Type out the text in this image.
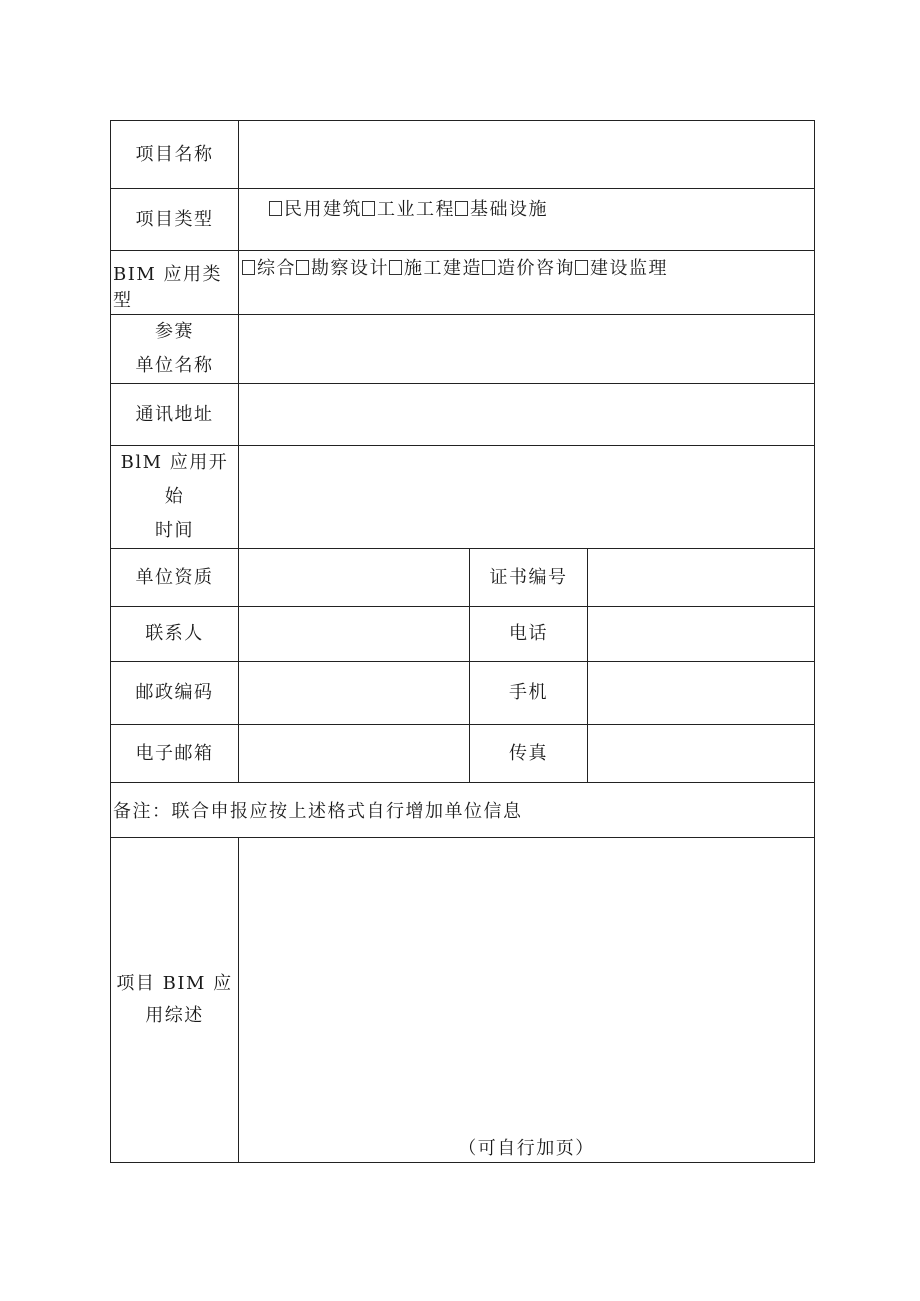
项目名称			
项目类型	民用建筑 工业工程 基础设施		
BIM 应用类型	综合 勘察设计 施工建造 造价咨询 建设监理		

参赛
单位名称			

通讯地址			

BlM 应用开始
时间			

单位资质		证书编号	
联系人		电话	
邮政编码		手机	
电子邮箱		传真	
备注：联合申报应按上述格式自行增加单位信息			

项目 BIM 应
用综述	（可自行加页）		
